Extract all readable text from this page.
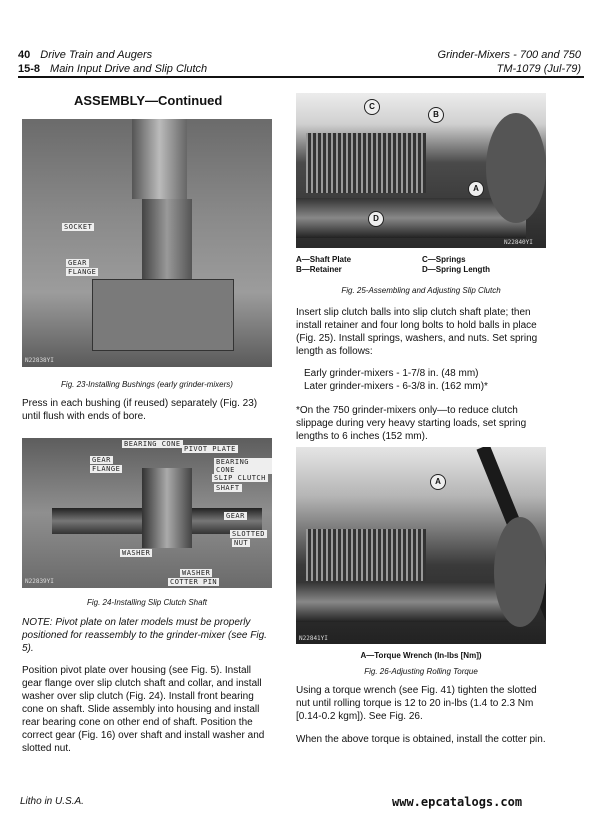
40 Drive Train and Augers
15-8 Main Input Drive and Slip Clutch
Grinder-Mixers - 700 and 750
TM-1079 (Jul-79)
ASSEMBLY—Continued
SOCKET
GEAR
FLANGE
N22838YI
Fig. 23-Installing Bushings (early grinder-mixers)
Press in each bushing (if reused) separately (Fig. 23) until flush with ends of bore.
BEARING CONE
PIVOT PLATE
GEAR
FLANGE
BEARING CONE
SLIP CLUTCH
SHAFT
GEAR
SLOTTED
NUT
WASHER
WASHER
COTTER PIN
N22839YI
Fig. 24-Installing Slip Clutch Shaft
NOTE: Pivot plate on later models must be properly positioned for reassembly to the grinder-mixer (see Fig. 5).
Position pivot plate over housing (see Fig. 5). Install gear flange over slip clutch shaft and collar, and install washer over slip clutch (Fig. 24). Install front bearing cone on shaft. Slide assembly into housing and install rear bearing cone on other end of shaft. Position the correct gear (Fig. 16) over shaft and install washer and slotted nut.
C
B
A
D
N22840YI
A—Shaft Plate	C—Springs
B—Retainer	D—Spring Length
Fig. 25-Assembling and Adjusting Slip Clutch
Insert slip clutch balls into slip clutch shaft plate; then install retainer and four long bolts to hold balls in place (Fig. 25). Install springs, washers, and nuts. Set spring length as follows:
Early grinder-mixers - 1-7/8 in. (48 mm)
Later grinder-mixers - 6-3/8 in. (162 mm)*
*On the 750 grinder-mixers only—to reduce clutch slippage during very heavy starting loads, set spring lengths to 6 inches (152 mm).
A
N22841YI
A—Torque Wrench (In-lbs [Nm])
Fig. 26-Adjusting Rolling Torque
Using a torque wrench (see Fig. 41) tighten the slotted nut until rolling torque is 12 to 20 in-lbs (1.4 to 2.3 Nm [0.14-0.2 kgm]). See Fig. 26.
When the above torque is obtained, install the cotter pin.
Litho in U.S.A.	www.epcatalogs.com
